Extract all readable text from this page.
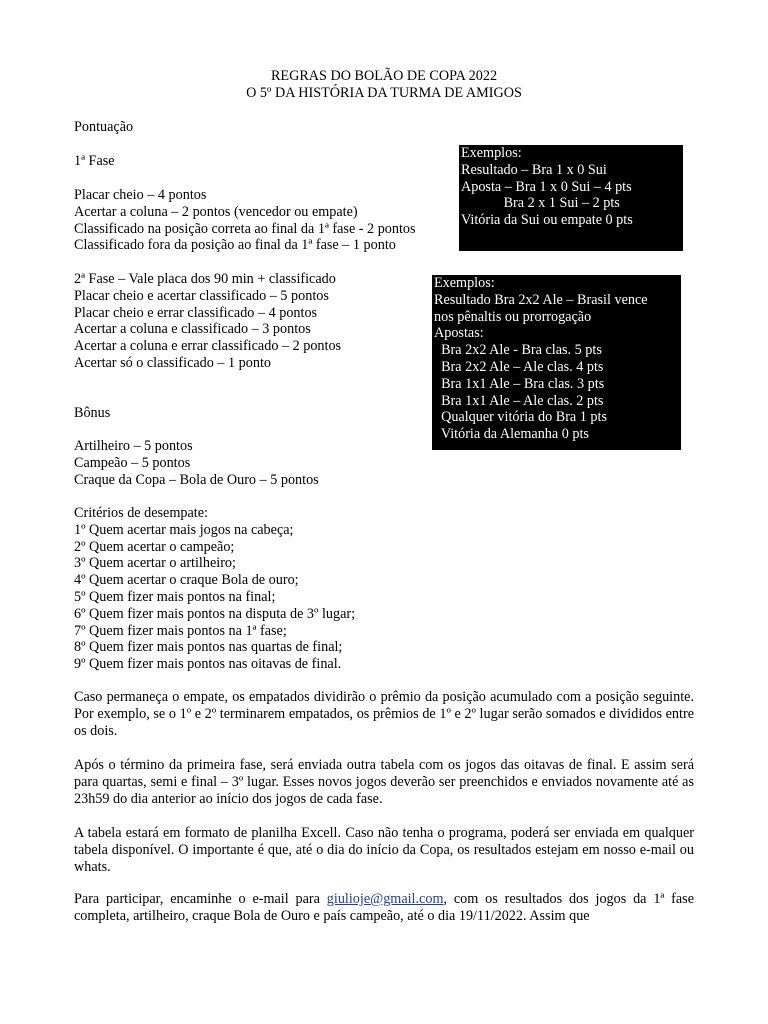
REGRAS DO BOLÃO DE COPA 2022
O 5º DA HISTÓRIA DA TURMA DE AMIGOS
Pontuação
1ª Fase
Placar cheio – 4 pontos
Acertar a coluna – 2 pontos (vencedor ou empate)
Classificado na posição correta ao final da 1ª fase - 2 pontos
Classificado fora da posição ao final da 1ª fase – 1 ponto
2ª Fase – Vale placa dos 90 min + classificado
Placar cheio e acertar classificado – 5 pontos
Placar cheio e errar classificado – 4 pontos
Acertar a coluna e classificado – 3 pontos
Acertar a coluna e errar classificado – 2 pontos
Acertar só o classificado – 1 ponto
Exemplos:
Resultado – Bra 1 x 0 Sui
Aposta – Bra 1 x 0 Sui – 4 pts
Bra 2 x 1 Sui – 2 pts
Vitória da Sui ou empate 0 pts
Exemplos:
Resultado Bra 2x2 Ale – Brasil vence
nos pênaltis ou prorrogação
Apostas:
Bra 2x2 Ale - Bra clas. 5 pts
Bra 2x2 Ale – Ale clas. 4 pts
Bra 1x1 Ale – Bra clas. 3 pts
Bra 1x1 Ale – Ale clas. 2 pts
Qualquer vitória do Bra 1 pts
Vitória da Alemanha 0 pts
Bônus
Artilheiro – 5 pontos
Campeão – 5 pontos
Craque da Copa – Bola de Ouro – 5 pontos
Critérios de desempate:
1º Quem acertar mais jogos na cabeça;
2º Quem acertar o campeão;
3º Quem acertar o artilheiro;
4º Quem acertar o craque Bola de ouro;
5º Quem fizer mais pontos na final;
6º Quem fizer mais pontos na disputa de 3º lugar;
7º Quem fizer mais pontos na 1ª fase;
8º Quem fizer mais pontos nas quartas de final;
9º Quem fizer mais pontos nas oitavas de final.

Caso permaneça o empate, os empatados dividirão o prêmio da posição acumulado com a posição seguinte. Por exemplo, se o 1º e 2º terminarem empatados, os prêmios de 1º e 2º lugar serão somados e divididos entre os dois.

Após o término da primeira fase, será enviada outra tabela com os jogos das oitavas de final. E assim será para quartas, semi e final – 3º lugar. Esses novos jogos deverão ser preenchidos e enviados novamente até as 23h59 do dia anterior ao início dos jogos de cada fase.

A tabela estará em formato de planilha Excell. Caso não tenha o programa, poderá ser enviada em qualquer tabela disponível. O importante é que, até o dia do início da Copa, os resultados estejam em nosso e-mail ou whats.

Para participar, encaminhe o e-mail para giulioje@gmail.com, com os resultados dos jogos da 1ª fase completa, artilheiro, craque Bola de Ouro e país campeão, até o dia 19/11/2022. Assim que
